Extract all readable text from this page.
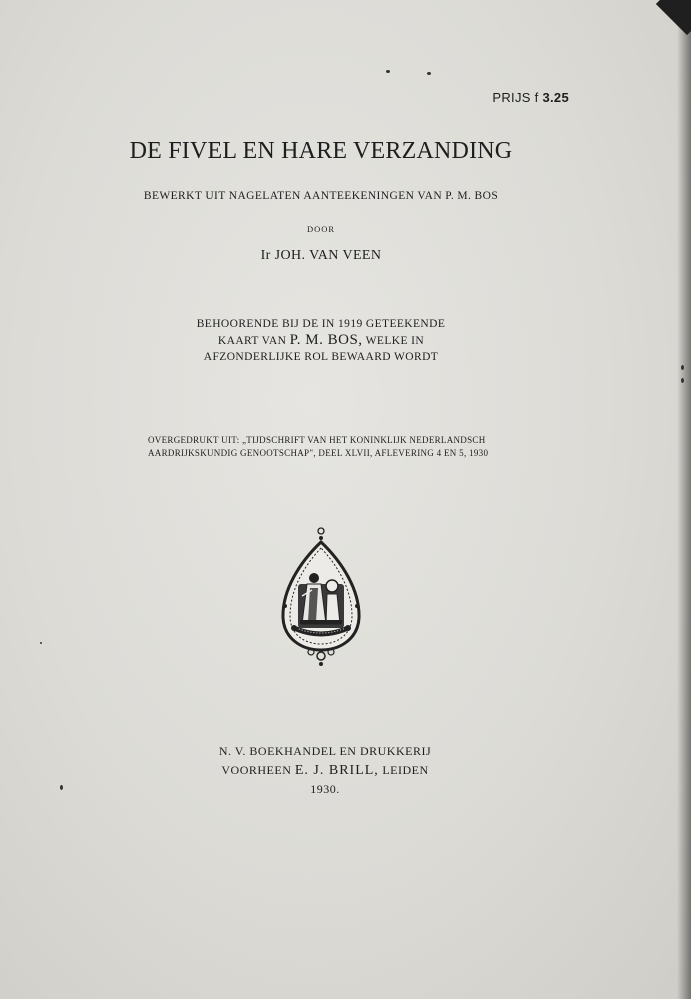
PRIJS f 3.25
DE FIVEL EN HARE VERZANDING
BEWERKT UIT NAGELATEN AANTEEKENINGEN VAN P. M. BOS
DOOR
Ir JOH. VAN VEEN
BEHOORENDE BIJ DE IN 1919 GETEEKENDE
KAART VAN P. M. BOS, WELKE IN
AFZONDERLIJKE ROL BEWAARD WORDT
OVERGEDRUKT UIT: „TIJDSCHRIFT VAN HET KONINKLIJK NEDERLANDSCH
AARDRIJKSKUNDIG GENOOTSCHAP", DEEL XLVII, AFLEVERING 4 EN 5, 1930
N. V. BOEKHANDEL EN DRUKKERIJ
VOORHEEN E. J. BRILL, LEIDEN
1930.
